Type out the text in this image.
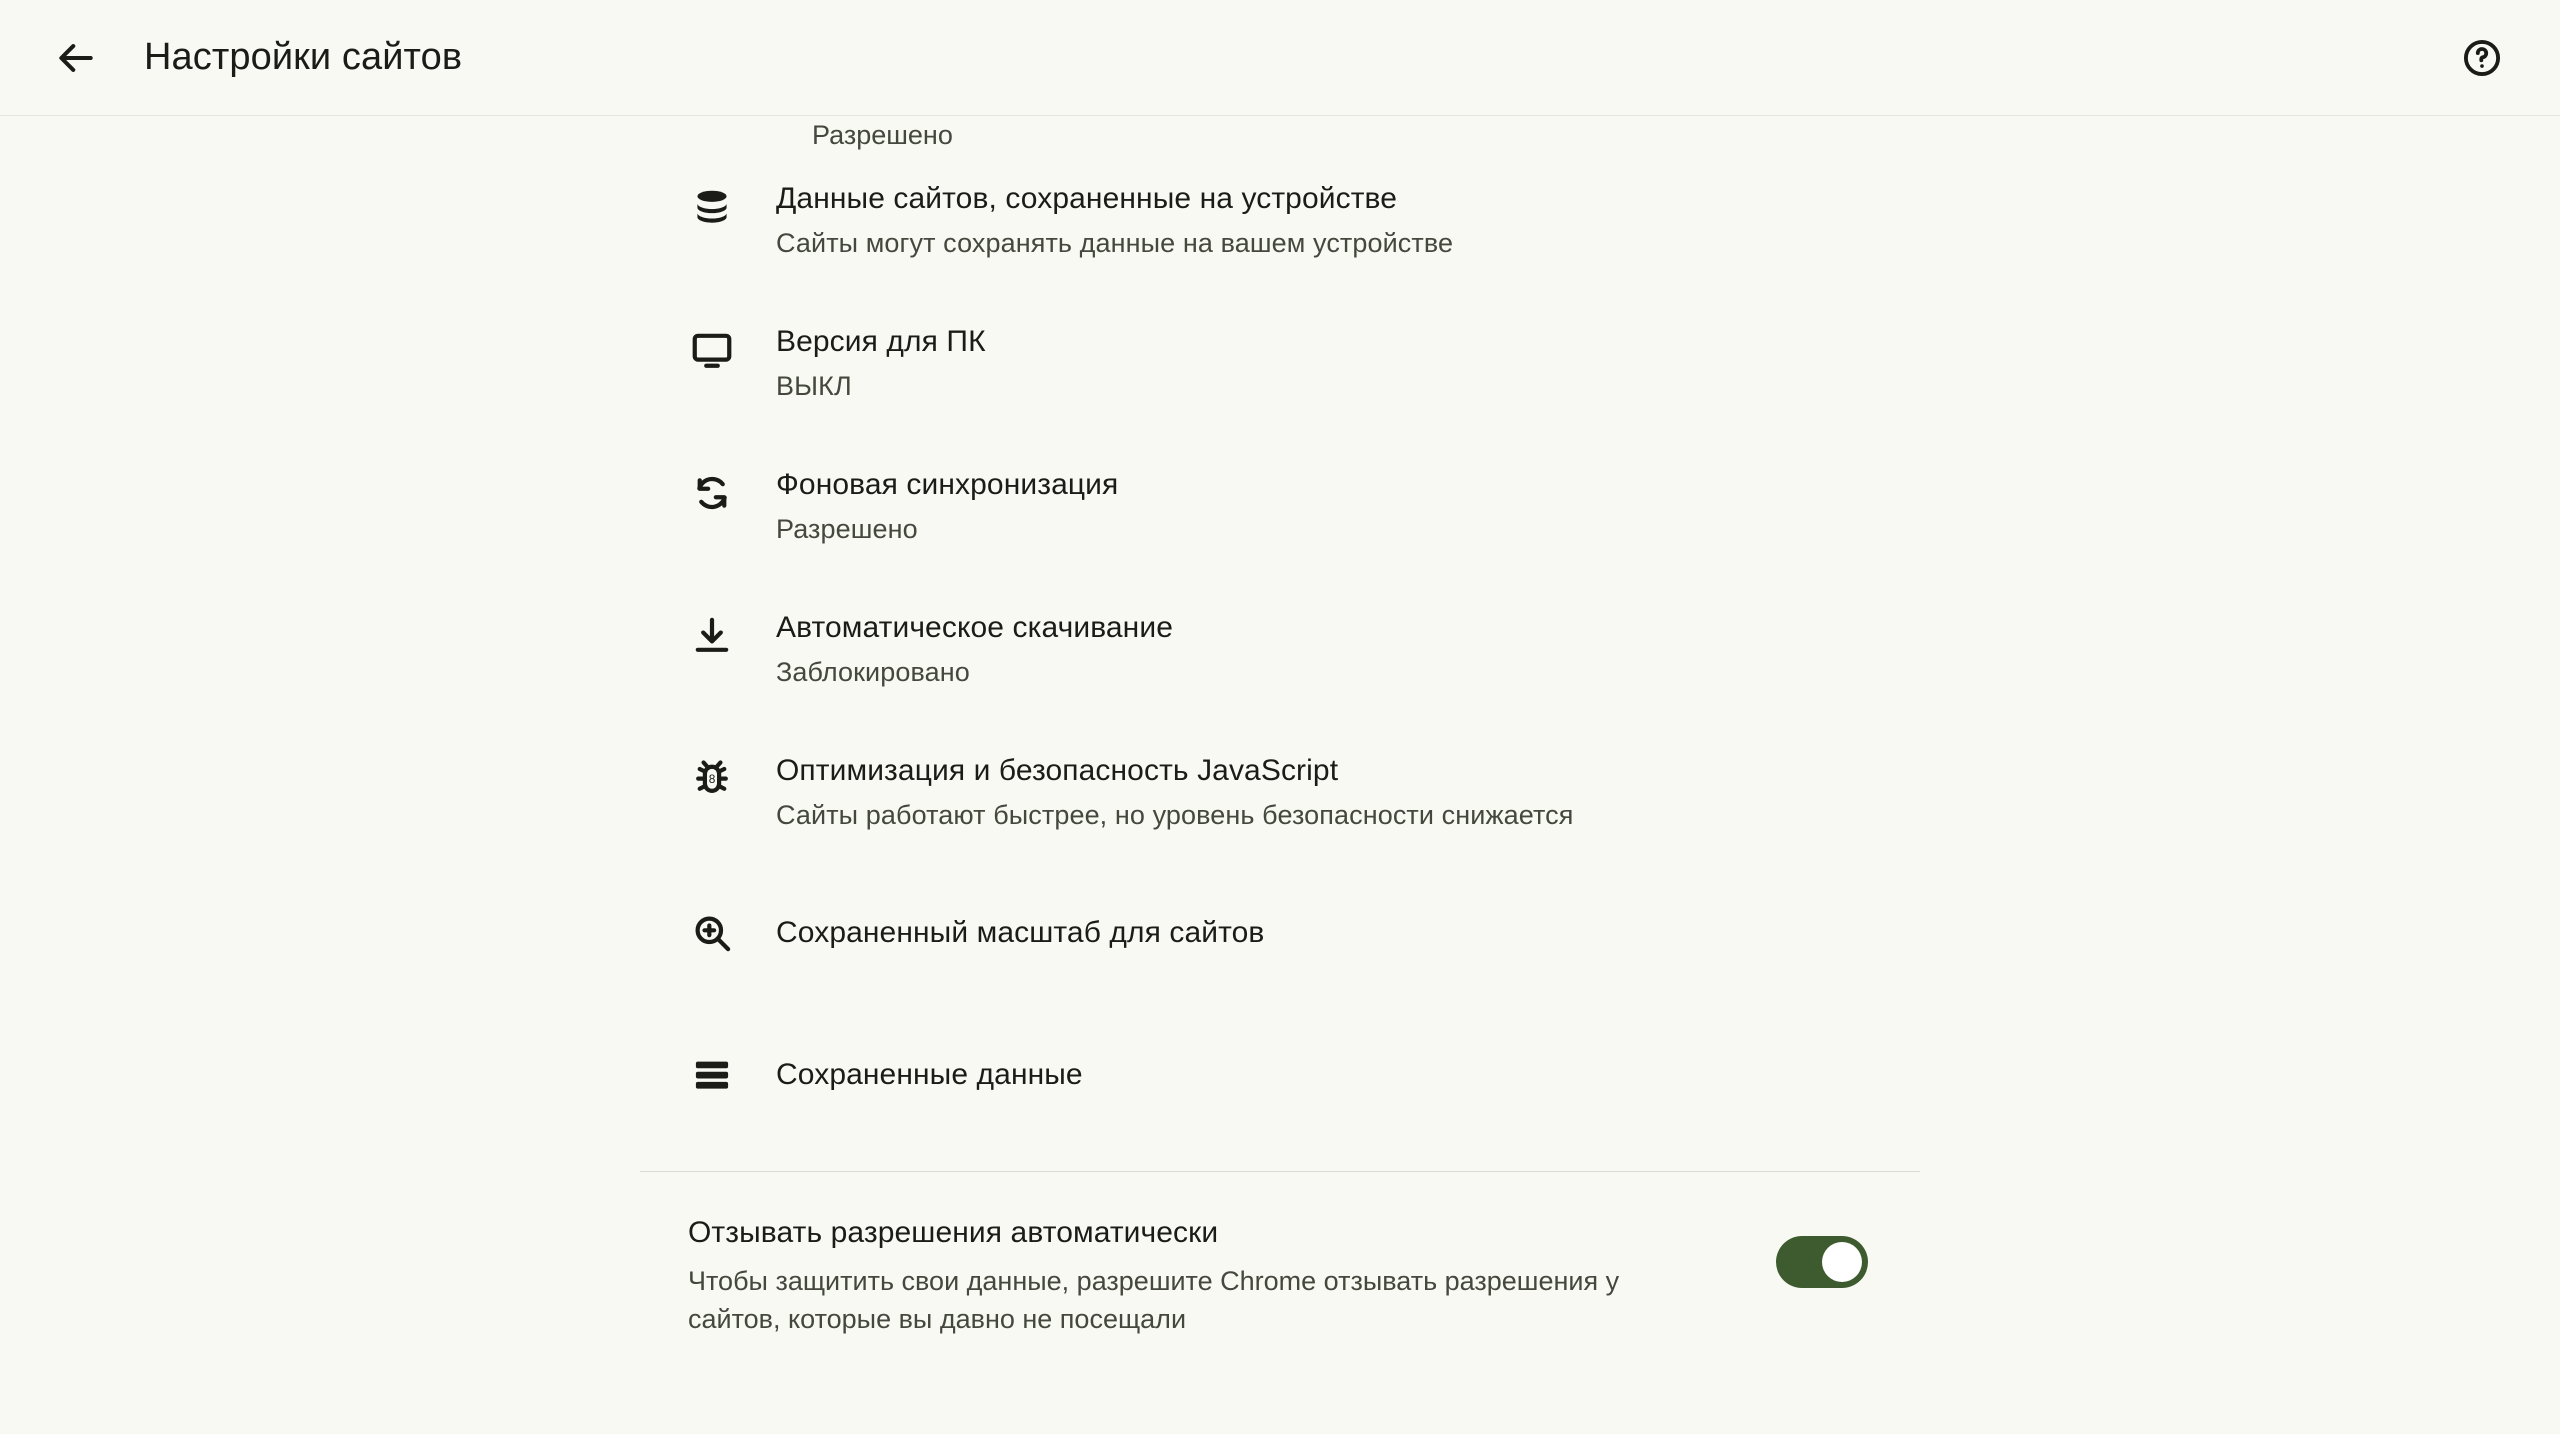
Настройки сайтов
Разрешено
Данные сайтов, сохраненные на устройстве
Сайты могут сохранять данные на вашем устройстве
Версия для ПК
ВЫКЛ
Фоновая синхронизация
Разрешено
Автоматическое скачивание
Заблокировано
8 Оптимизация и безопасность JavaScript
Сайты работают быстрее, но уровень безопасности снижается
Сохраненный масштаб для сайтов
Сохраненные данные
Отзывать разрешения автоматически
Чтобы защитить свои данные, разрешите Chrome отзывать разрешения у сайтов, которые вы давно не посещали
